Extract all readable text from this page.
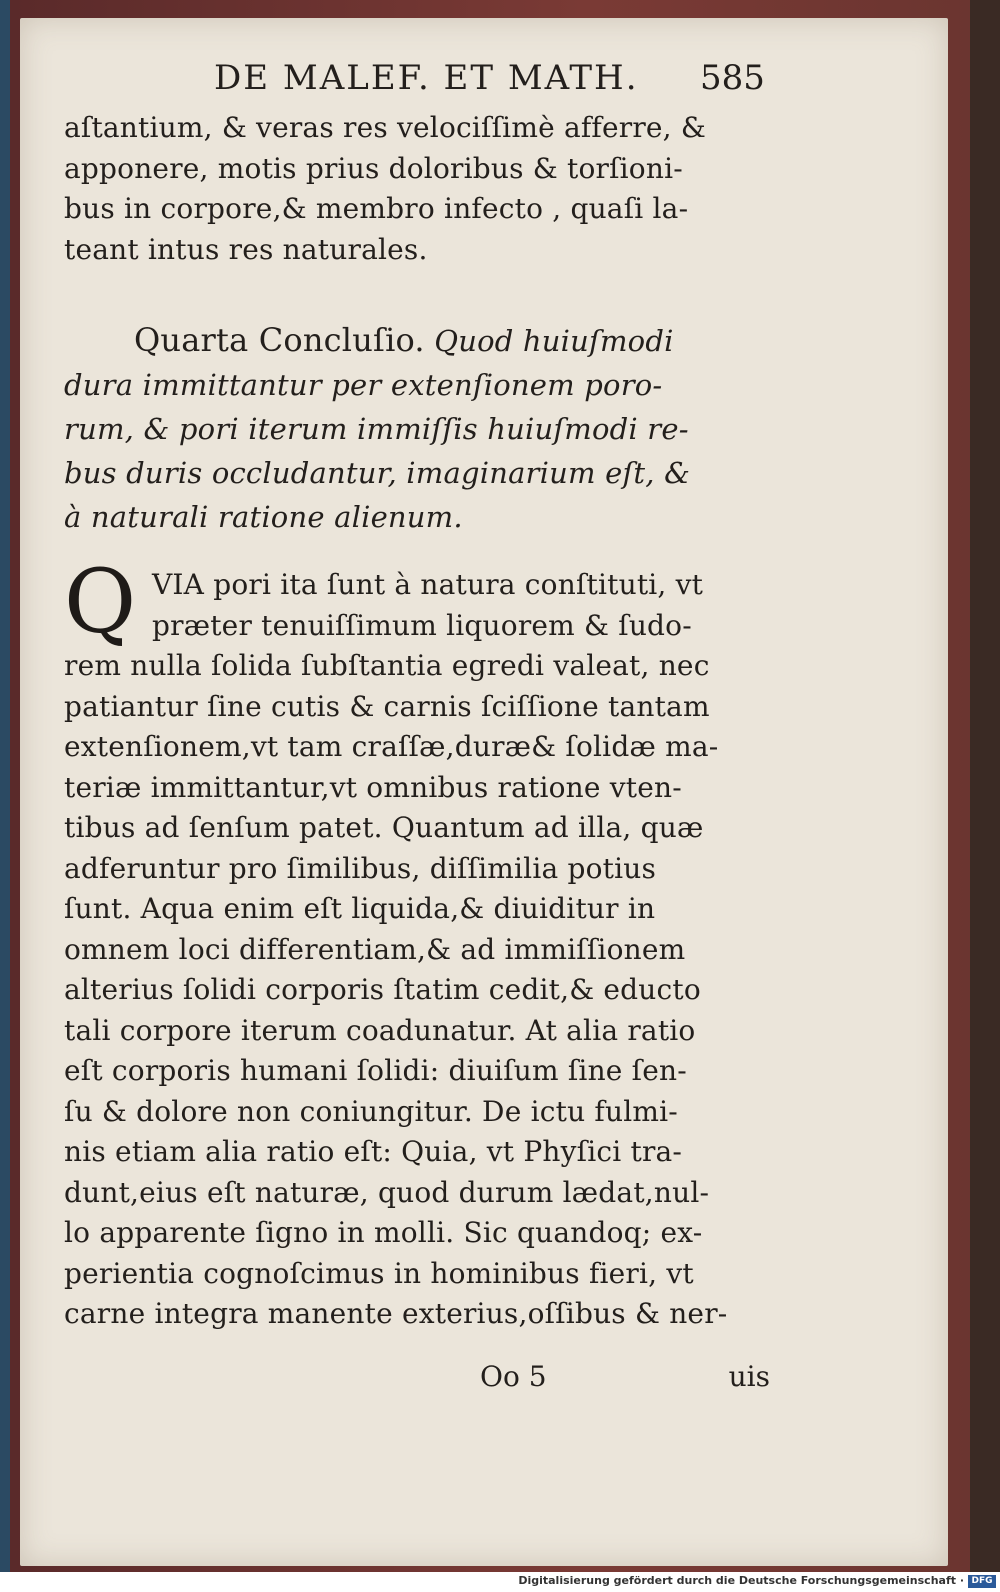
DE MALEF. ET MATH. 585
aſtantium, & veras res velociſſimè afferre, &
apponere, motis prius doloribus & torſioni-
bus in corpore,& membro infecto , quaſi la-
teant intus res naturales.
Quarta Concluſio. Quod huiuſmodi
dura immittantur per extenſionem poro-
rum, & pori iterum immiſſis huiuſmodi re-
bus duris occludantur, imaginarium eſt, &
à naturali ratione alienum.
Q VIA pori ita ſunt à natura conſtituti, vt
præter tenuiſſimum liquorem & ſudo-
rem nulla ſolida ſubſtantia egredi valeat, nec
patiantur ſine cutis & carnis ſciſſione tantam
extenſionem,vt tam craſſæ,duræ& ſolidæ ma-
teriæ immittantur,vt omnibus ratione vten-
tibus ad ſenſum patet. Quantum ad illa, quæ
adferuntur pro ſimilibus, diſſimilia potius
ſunt. Aqua enim eſt liquida,& diuiditur in
omnem loci differentiam,& ad immiſſionem
alterius ſolidi corporis ſtatim cedit,& educto
tali corpore iterum coadunatur. At alia ratio
eſt corporis humani ſolidi: diuiſum ſine ſen-
ſu & dolore non coniungitur. De ictu fulmi-
nis etiam alia ratio eſt: Quia, vt Phyſici tra-
dunt,eius eſt naturæ, quod durum lædat,nul-
lo apparente ſigno in molli. Sic quandoq; ex-
perientia cognoſcimus in hominibus fieri, vt
carne integra manente exterius,oſſibus & ner-
Oo 5	uis
Digitalisierung gefördert durch die Deutsche Forschungsgemeinschaft · DFG
